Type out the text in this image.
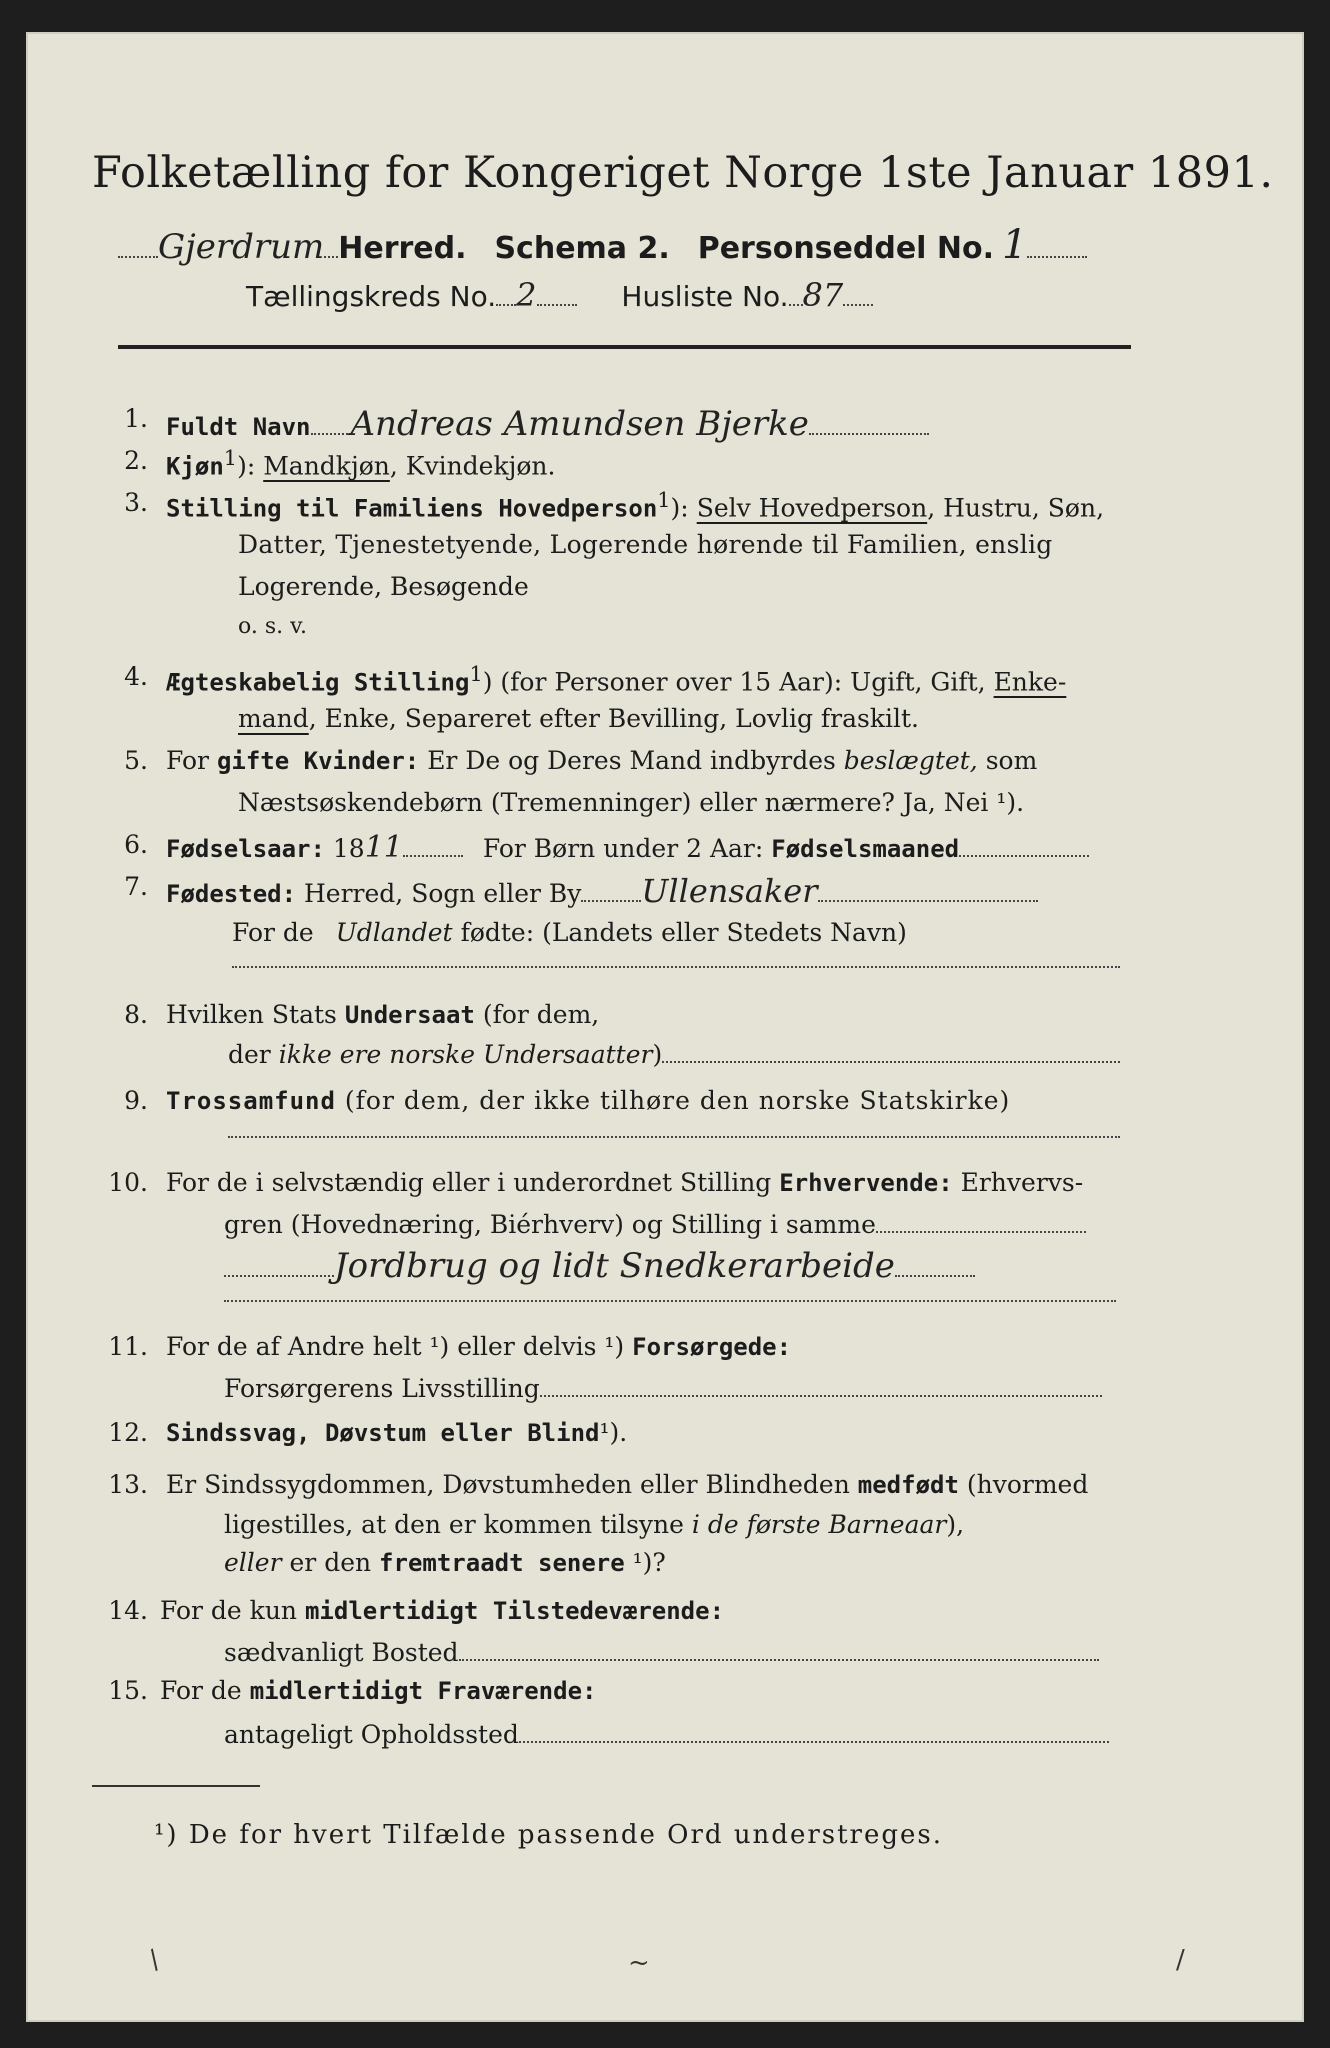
Folketælling for Kongeriget Norge 1ste Januar 1891.
Gjerdrum Herred. Schema 2. Personseddel No. 1
Tællingskreds No. 2	Husliste No. 87
1. Fuldt Navn Andreas Amundsen Bjerke
2. Kjøn$^1$): Mandkjøn, Kvindekjøn.
3. Stilling til Familiens Hovedperson$^1$): Selv Hovedperson, Hustru, Søn,
Datter, Tjenestetyende, Logerende hørende til Familien, enslig
Logerende, Besøgende
o. s. v.
4. Ægteskabelig Stilling$^1$) (for Personer over 15 Aar): Ugift, Gift, Enke-
mand, Enke, Separeret efter Bevilling, Lovlig fraskilt.
5. For gifte Kvinder: Er De og Deres Mand indbyrdes beslægtet, som
Næstsøskendebørn (Tremenninger) eller nærmere? Ja, Nei ¹).
6. Fødselsaar: 1811	For Børn under 2 Aar: Fødselsmaaned
7. Fødested: Herred, Sogn eller By Ullensaker
For de Udlandet fødte: (Landets eller Stedets Navn)
8. Hvilken Stats Undersaat (for dem,
der ikke ere norske Undersaatter)
9. Trossamfund (for dem, der ikke tilhøre den norske Statskirke)
10. For de i selvstændig eller i underordnet Stilling Erhvervende: Erhvervs-
gren (Hovednæring, Biérhverv) og Stilling i samme
Jordbrug og lidt Snedkerarbeide
11. For de af Andre helt ¹) eller delvis ¹) Forsørgede:
Forsørgerens Livsstilling
12. Sindssvag, Døvstum eller Blind¹).
13. Er Sindssygdommen, Døvstumheden eller Blindheden medfødt (hvormed
ligestilles, at den er kommen tilsyne i de første Barneaar),
eller er den fremtraadt senere ¹)?
14. For de kun midlertidigt Tilstedeværende:
sædvanligt Bosted
15. For de midlertidigt Fraværende:
antageligt Opholdssted
¹) De for hvert Tilfælde passende Ord understreges.
/	~	/
